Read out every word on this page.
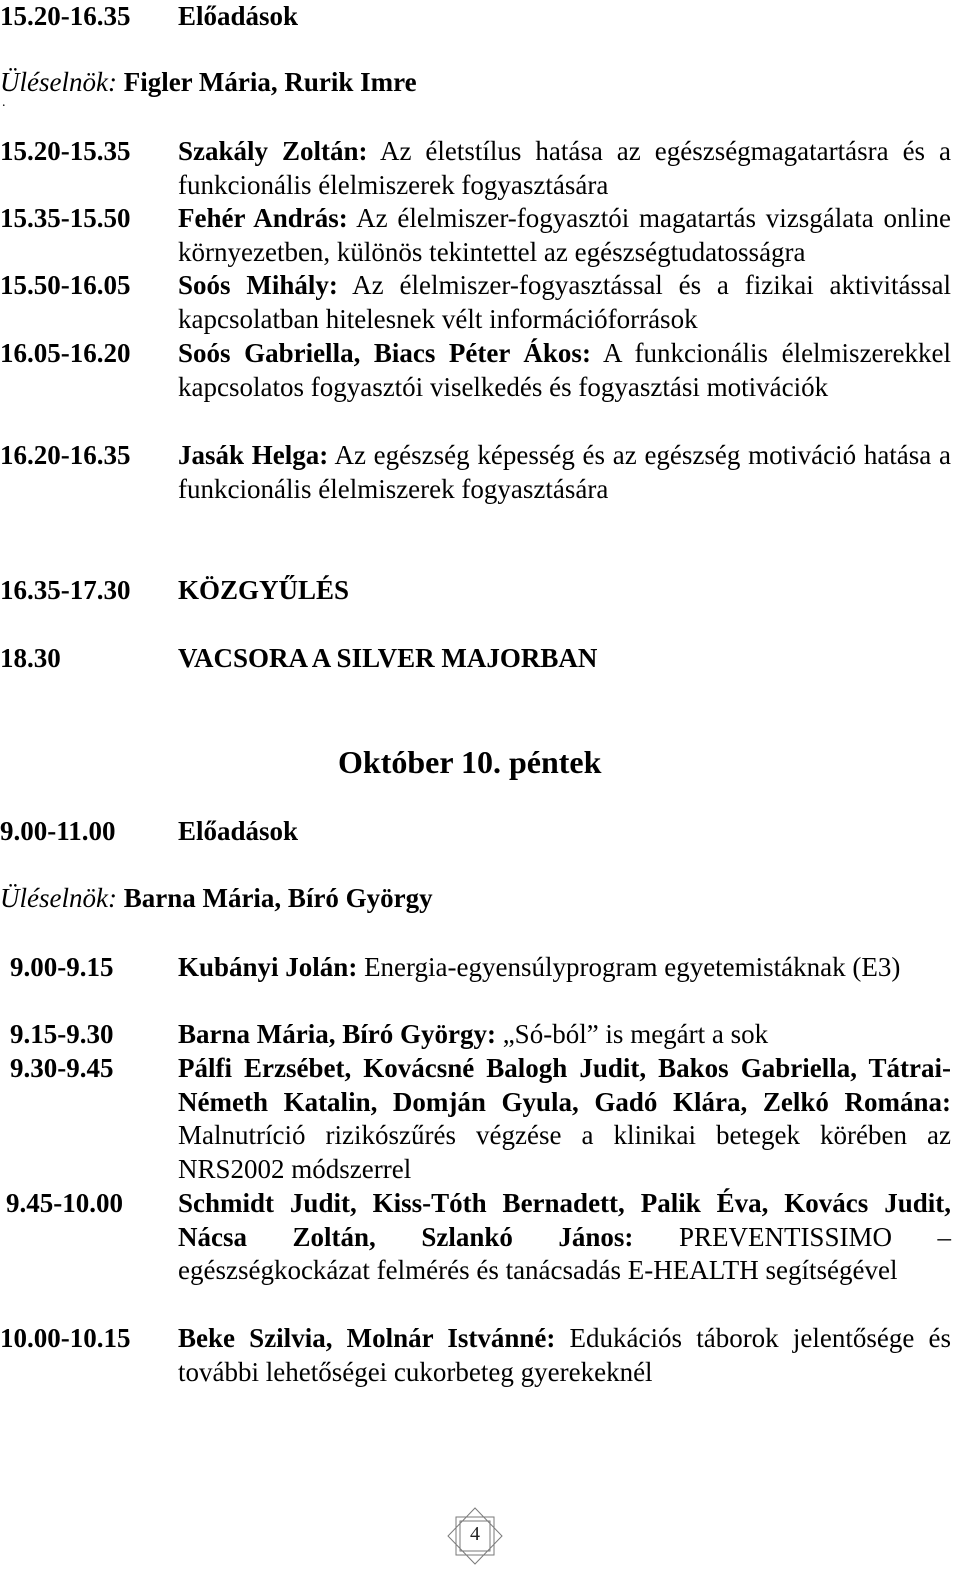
15.20-16.35 Előadások
Üléselnök: Figler Mária, Rurik Imre
.
15.20-15.35 Szakály Zoltán: Az életstílus hatása az egészségmagatartásra és a funkcionális élelmiszerek fogyasztására
15.35-15.50 Fehér András: Az élelmiszer-fogyasztói magatartás vizsgálata online környezetben, különös tekintettel az egészségtudatosságra
15.50-16.05 Soós Mihály: Az élelmiszer-fogyasztással és a fizikai aktivitással kapcsolatban hitelesnek vélt információforrások
16.05-16.20 Soós Gabriella, Biacs Péter Ákos: A funkcionális élelmiszerekkel kapcsolatos fogyasztói viselkedés és fogyasztási motivációk
16.20-16.35 Jasák Helga: Az egészség képesség és az egészség motiváció hatása a funkcionális élelmiszerek fogyasztására
16.35-17.30 KÖZGYŰLÉS
18.30	VACSORA A SILVER MAJORBAN
Október 10. péntek
9.00-11.00 Előadások
Üléselnök: Barna Mária, Bíró György
9.00-9.15 Kubányi Jolán: Energia-egyensúlyprogram egyetemistáknak (E3)
9.15-9.30 Barna Mária, Bíró György: „Só-ból” is megárt a sok
9.30-9.45 Pálfi Erzsébet, Kovácsné Balogh Judit, Bakos Gabriella, Tátrai-Németh Katalin, Domján Gyula, Gadó Klára, Zelkó Romána: Malnutríció rizikószűrés végzése a klinikai betegek körében az NRS2002 módszerrel
9.45-10.00 Schmidt Judit, Kiss-Tóth Bernadett, Palik Éva, Kovács Judit, Nácsa Zoltán, Szlankó János: PREVENTISSIMO – egészségkockázat felmérés és tanácsadás E-HEALTH segítségével
10.00-10.15 Beke Szilvia, Molnár Istvánné: Edukációs táborok jelentősége és további lehetőségei cukorbeteg gyerekeknél
4
